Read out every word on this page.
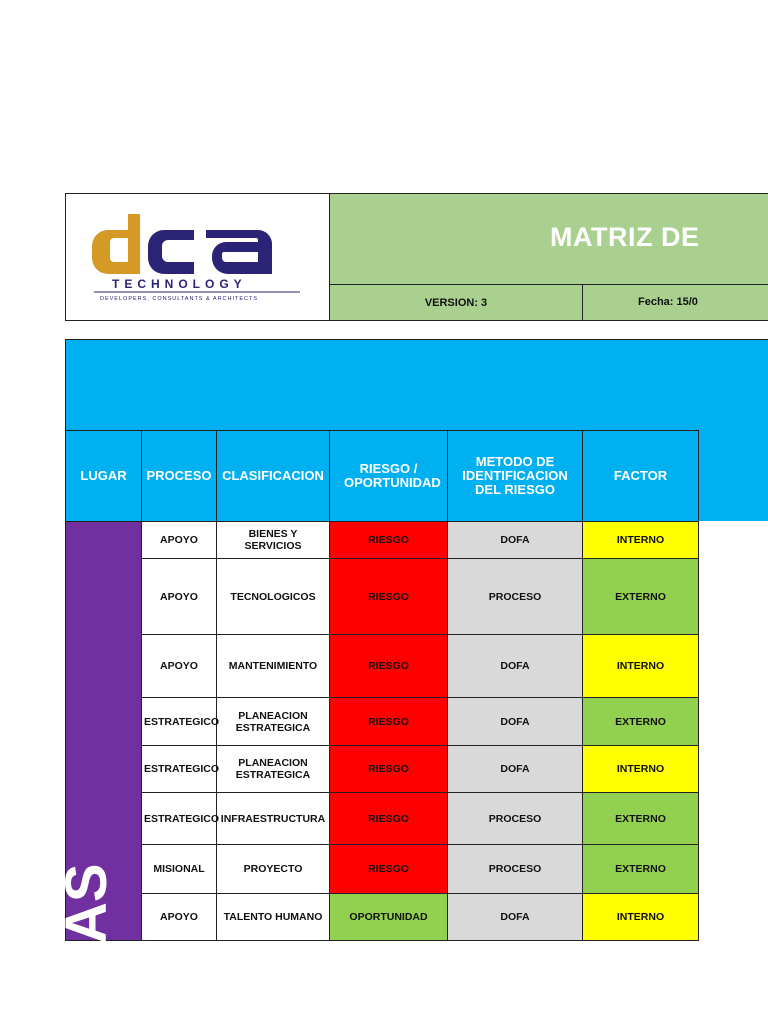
TECHNOLOGY
DEVELOPERS, CONSULTANTS & ARCHITECTS
MATRIZ DE
VERSION: 3	Fecha: 15/0
LUGAR	PROCESO	CLASIFICACION	RIESGO / OPORTUNIDAD	METODO DE IDENTIFICACION DEL RIESGO	FACTOR

AS	APOYO	BIENES Y SERVICIOS	RIESGO	DOFA	INTERNO
	APOYO	TECNOLOGICOS	RIESGO	PROCESO	EXTERNO
	APOYO	MANTENIMIENTO	RIESGO	DOFA	INTERNO
	ESTRATEGICO	PLANEACION ESTRATEGICA	RIESGO	DOFA	EXTERNO
	ESTRATEGICO	PLANEACION ESTRATEGICA	RIESGO	DOFA	INTERNO
	ESTRATEGICO	INFRAESTRUCTURA	RIESGO	PROCESO	EXTERNO
	MISIONAL	PROYECTO	RIESGO	PROCESO	EXTERNO
	APOYO	TALENTO HUMANO	OPORTUNIDAD	DOFA	INTERNO
